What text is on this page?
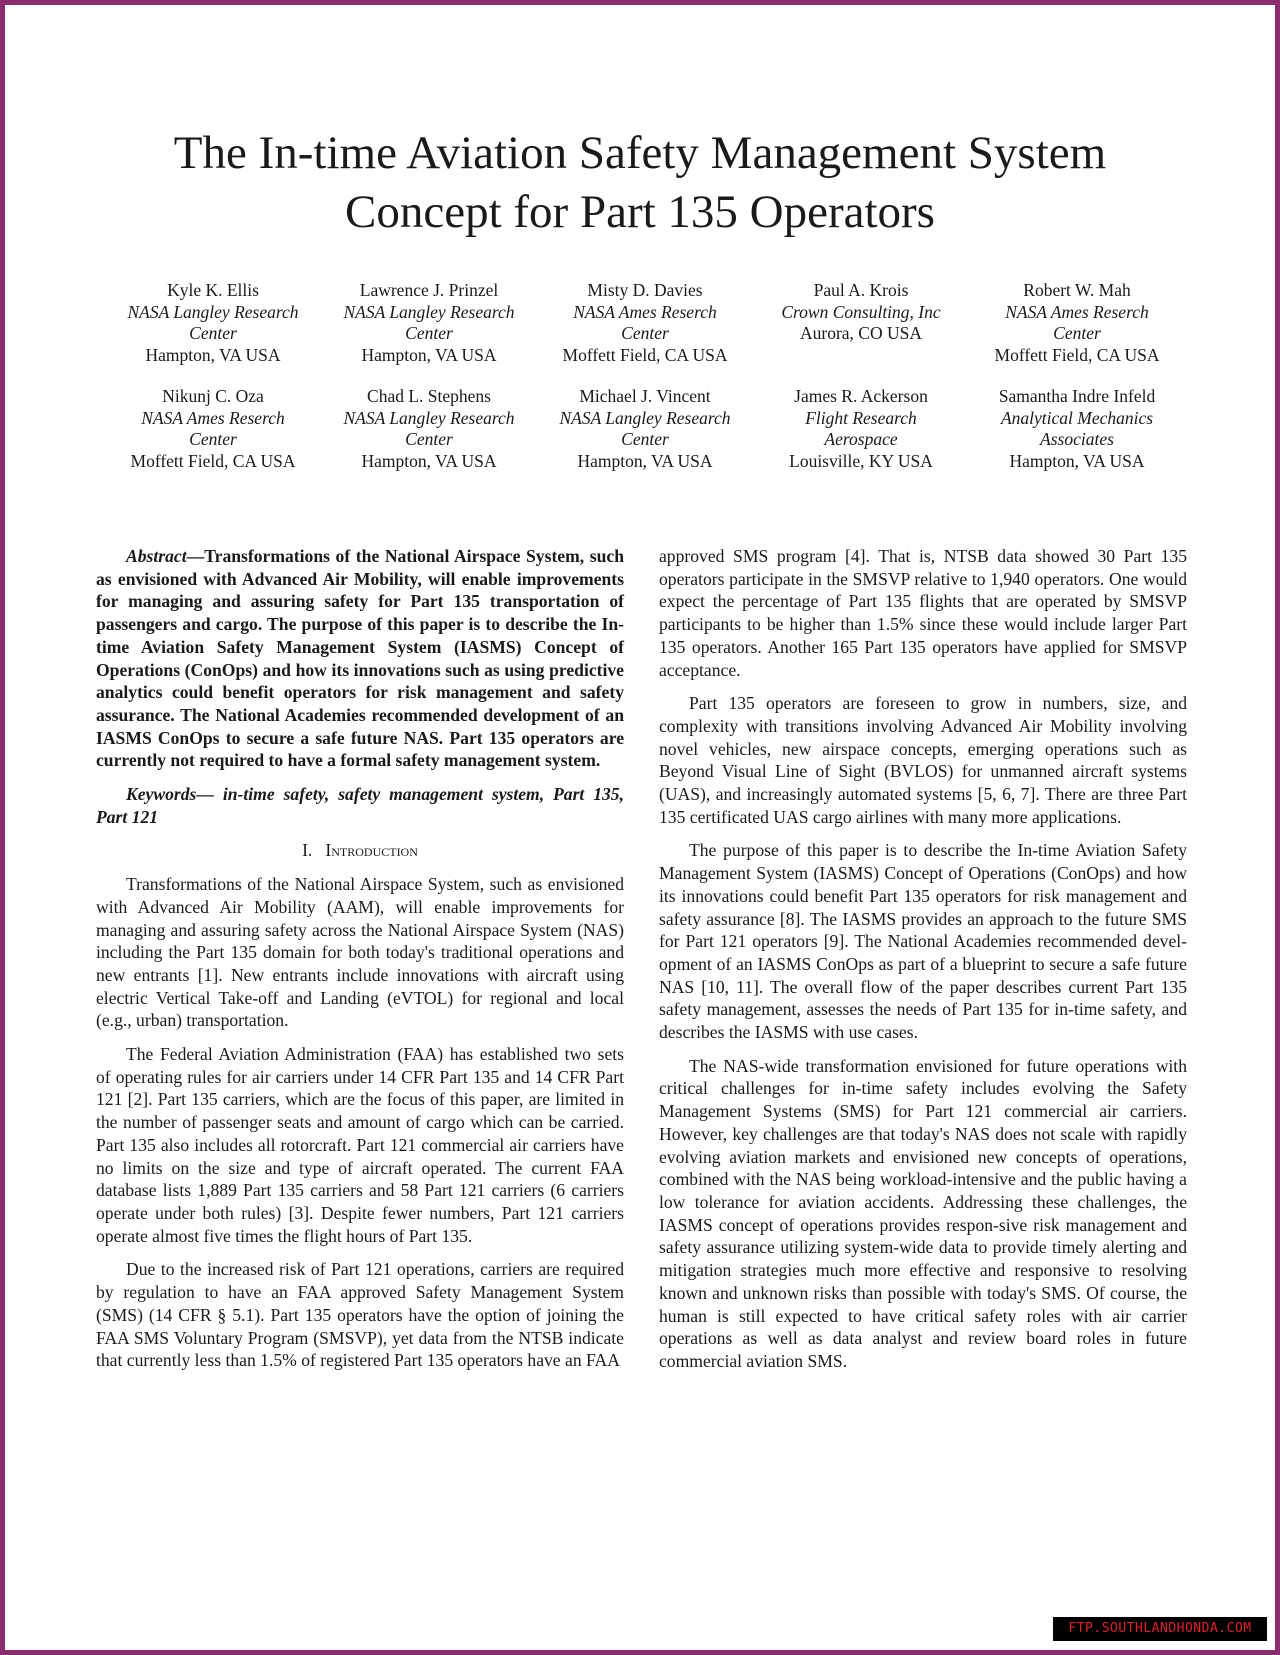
The In-time Aviation Safety Management System
Concept for Part 135 Operators
Kyle K. Ellis
NASA Langley Research
Center
Hampton, VA USA
Lawrence J. Prinzel
NASA Langley Research
Center
Hampton, VA USA
Misty D. Davies
NASA Ames Reserch
Center
Moffett Field, CA USA
Paul A. Krois
Crown Consulting, Inc
Aurora, CO USA
Robert W. Mah
NASA Ames Reserch
Center
Moffett Field, CA USA
Nikunj C. Oza
NASA Ames Reserch
Center
Moffett Field, CA USA
Chad L. Stephens
NASA Langley Research
Center
Hampton, VA USA
Michael J. Vincent
NASA Langley Research
Center
Hampton, VA USA
James R. Ackerson
Flight Research
Aerospace
Louisville, KY USA
Samantha Indre Infeld
Analytical Mechanics
Associates
Hampton, VA USA

Abstract—Transformations of the National Airspace System, such as envisioned with Advanced Air Mobility, will enable improvements for managing and assuring safety for Part 135 transportation of passengers and cargo. The purpose of this paper is to describe the In-time Aviation Safety Management System (IASMS) Concept of Operations (ConOps) and how its innovations such as using predictive analytics could benefit operators for risk management and safety assurance. The National Academies recommended development of an IASMS ConOps to secure a safe future NAS. Part 135 operators are currently not required to have a formal safety management system.

Keywords— in-time safety, safety management system, Part 135, Part 121

I. Introduction

Transformations of the National Airspace System, such as envisioned with Advanced Air Mobility (AAM), will enable improvements for managing and assuring safety across the National Airspace System (NAS) including the Part 135 domain for both today's traditional operations and new entrants [1]. New entrants include innovations with aircraft using electric Vertical Take-off and Landing (eVTOL) for regional and local (e.g., urban) transportation.

The Federal Aviation Administration (FAA) has established two sets of operating rules for air carriers under 14 CFR Part 135 and 14 CFR Part 121 [2]. Part 135 carriers, which are the focus of this paper, are limited in the number of passenger seats and amount of cargo which can be carried. Part 135 also includes all rotorcraft. Part 121 commercial air carriers have no limits on the size and type of aircraft operated. The current FAA database lists 1,889 Part 135 carriers and 58 Part 121 carriers (6 carriers operate under both rules) [3]. Despite fewer numbers, Part 121 carriers operate almost five times the flight hours of Part 135.

Due to the increased risk of Part 121 operations, carriers are required by regulation to have an FAA approved Safety Management System (SMS) (14 CFR § 5.1). Part 135 operators have the option of joining the FAA SMS Voluntary Program (SMSVP), yet data from the NTSB indicate that currently less than 1.5% of registered Part 135 operators have an FAA

approved SMS program [4]. That is, NTSB data showed 30 Part 135 operators participate in the SMSVP relative to 1,940 operators. One would expect the percentage of Part 135 flights that are operated by SMSVP participants to be higher than 1.5% since these would include larger Part 135 operators. Another 165 Part 135 operators have applied for SMSVP acceptance.

Part 135 operators are foreseen to grow in numbers, size, and complexity with transitions involving Advanced Air Mobility involving novel vehicles, new airspace concepts, emerging operations such as Beyond Visual Line of Sight (BVLOS) for unmanned aircraft systems (UAS), and increasingly automated systems [5, 6, 7]. There are three Part 135 certificated UAS cargo airlines with many more applications.

The purpose of this paper is to describe the In-time Aviation Safety Management System (IASMS) Concept of Operations (ConOps) and how its innovations could benefit Part 135 operators for risk management and safety assurance [8]. The IASMS provides an approach to the future SMS for Part 121 operators [9]. The National Academies recommended devel-opment of an IASMS ConOps as part of a blueprint to secure a safe future NAS [10, 11]. The overall flow of the paper describes current Part 135 safety management, assesses the needs of Part 135 for in-time safety, and describes the IASMS with use cases.

The NAS-wide transformation envisioned for future operations with critical challenges for in-time safety includes evolving the Safety Management Systems (SMS) for Part 121 commercial air carriers. However, key challenges are that today's NAS does not scale with rapidly evolving aviation markets and envisioned new concepts of operations, combined with the NAS being workload-intensive and the public having a low tolerance for aviation accidents. Addressing these challenges, the IASMS concept of operations provides respon-sive risk management and safety assurance utilizing system-wide data to provide timely alerting and mitigation strategies much more effective and responsive to resolving known and unknown risks than possible with today's SMS. Of course, the human is still expected to have critical safety roles with air carrier operations as well as data analyst and review board roles in future commercial aviation SMS.

FTP.SOUTHLANDHONDA.COM
